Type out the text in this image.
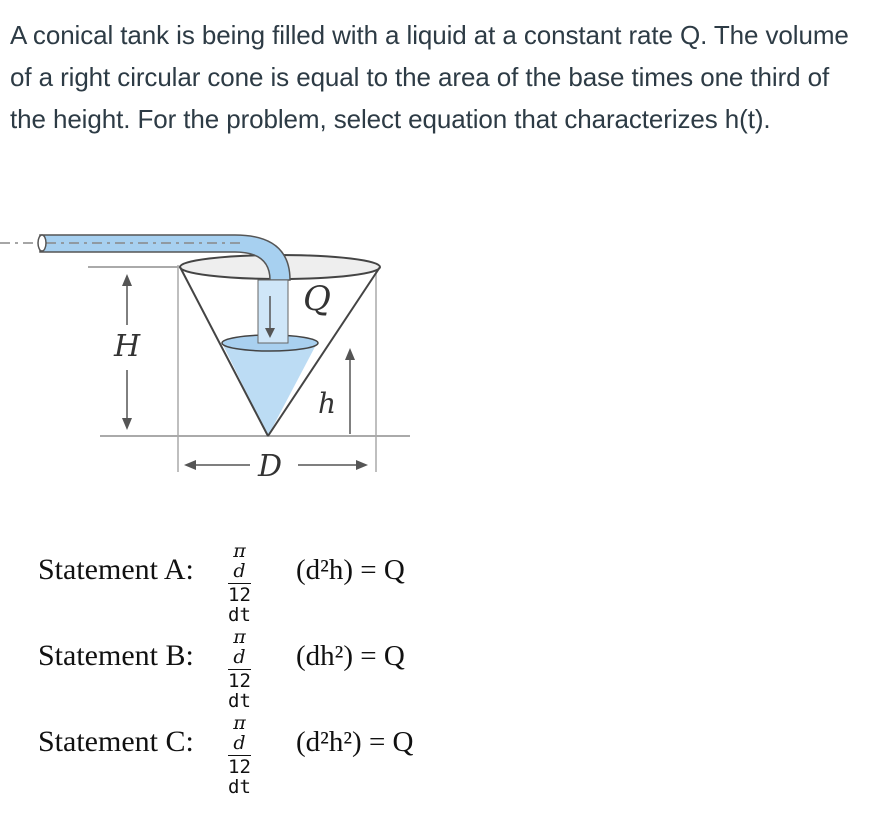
A conical tank is being filled with a liquid at a constant rate Q. The volume of a right circular cone is equal to the area of the base times one third of the height. For the problem, select equation that characterizes h(t).
H
h
Q
D
Statement A:
π d
12 dt
(d²h) = Q
Statement B:
π d
12 dt
(dh²) = Q
Statement C:
π d
12 dt
(d²h²) = Q
